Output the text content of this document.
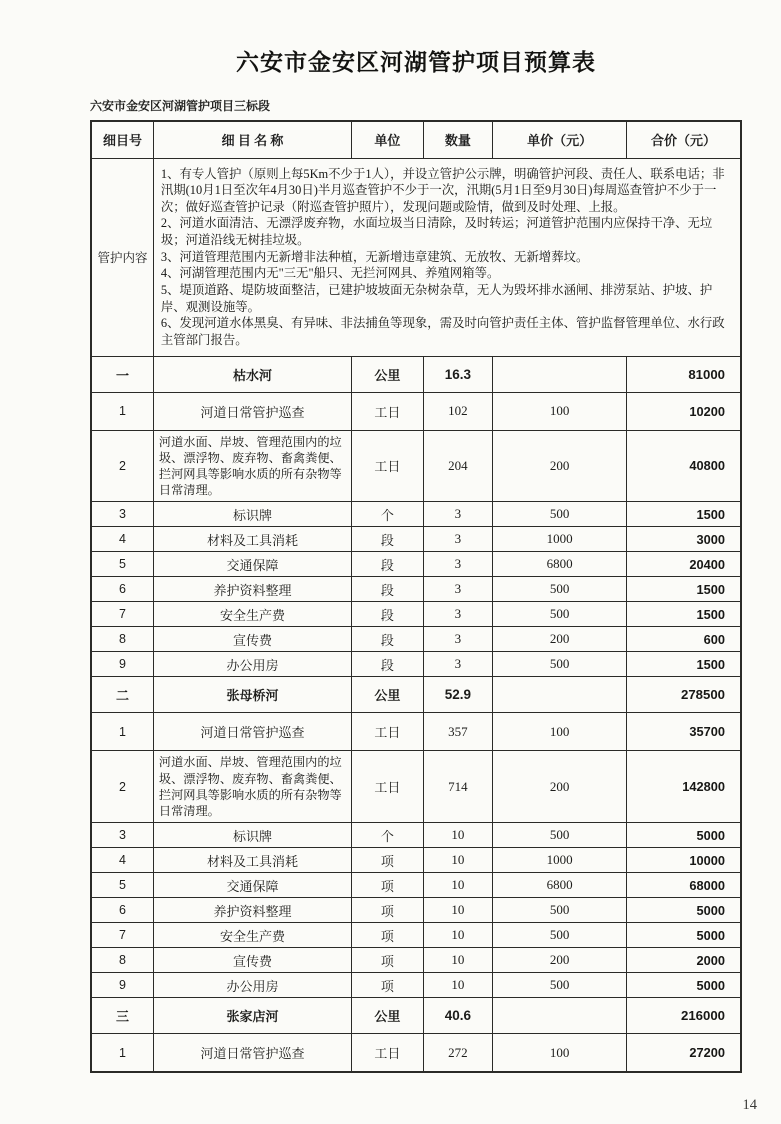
六安市金安区河湖管护项目预算表
六安市金安区河湖管护项目三标段
细目号	细 目 名 称	单位	数量	单价（元）	合价（元）
管护内容	

1、有专人管护（原则上每5Km不少于1人），并设立管护公示牌，明确管护河段、责任人、联系电话；非汛期(10月1日至次年4月30日)半月巡查管护不少于一次，汛期(5月1日至9月30日)每周巡查管护不少于一次；做好巡查管护记录（附巡查管护照片），发现问题或险情，做到及时处理、上报。

2、河道水面清洁、无漂浮废弃物，水面垃圾当日清除，及时转运；河道管护范围内应保持干净、无垃圾；河道沿线无树挂垃圾。

3、河道管理范围内无新增非法种植，无新增违章建筑、无放牧、无新增葬坟。

4、河湖管理范围内无"三无"船只、无拦河网具、养殖网箱等。

5、堤顶道路、堤防坡面整洁，已建护坡坡面无杂树杂草，无人为毁坏排水涵闸、排涝泵站、护坡、护岸、观测设施等。

6、发现河道水体黑臭、有异味、非法捕鱼等现象，需及时向管护责任主体、管护监督管理单位、水行政主管部门报告。

一	枯水河	公里	16.3		81000
1	河道日常管护巡查	工日	102	100	10200
2	河道水面、岸坡、管理范围内的垃圾、漂浮物、废弃物、畜禽粪便、拦河网具等影响水质的所有杂物等日常清理。	工日	204	200	40800
3	标识牌	个	3	500	1500
4	材料及工具消耗	段	3	1000	3000
5	交通保障	段	3	6800	20400
6	养护资料整理	段	3	500	1500
7	安全生产费	段	3	500	1500
8	宣传费	段	3	200	600
9	办公用房	段	3	500	1500
二	张母桥河	公里	52.9		278500
1	河道日常管护巡查	工日	357	100	35700
2	河道水面、岸坡、管理范围内的垃圾、漂浮物、废弃物、畜禽粪便、拦河网具等影响水质的所有杂物等日常清理。	工日	714	200	142800
3	标识牌	个	10	500	5000
4	材料及工具消耗	项	10	1000	10000
5	交通保障	项	10	6800	68000
6	养护资料整理	项	10	500	5000
7	安全生产费	项	10	500	5000
8	宣传费	项	10	200	2000
9	办公用房	项	10	500	5000
三	张家店河	公里	40.6		216000
1	河道日常管护巡查	工日	272	100	27200
14
